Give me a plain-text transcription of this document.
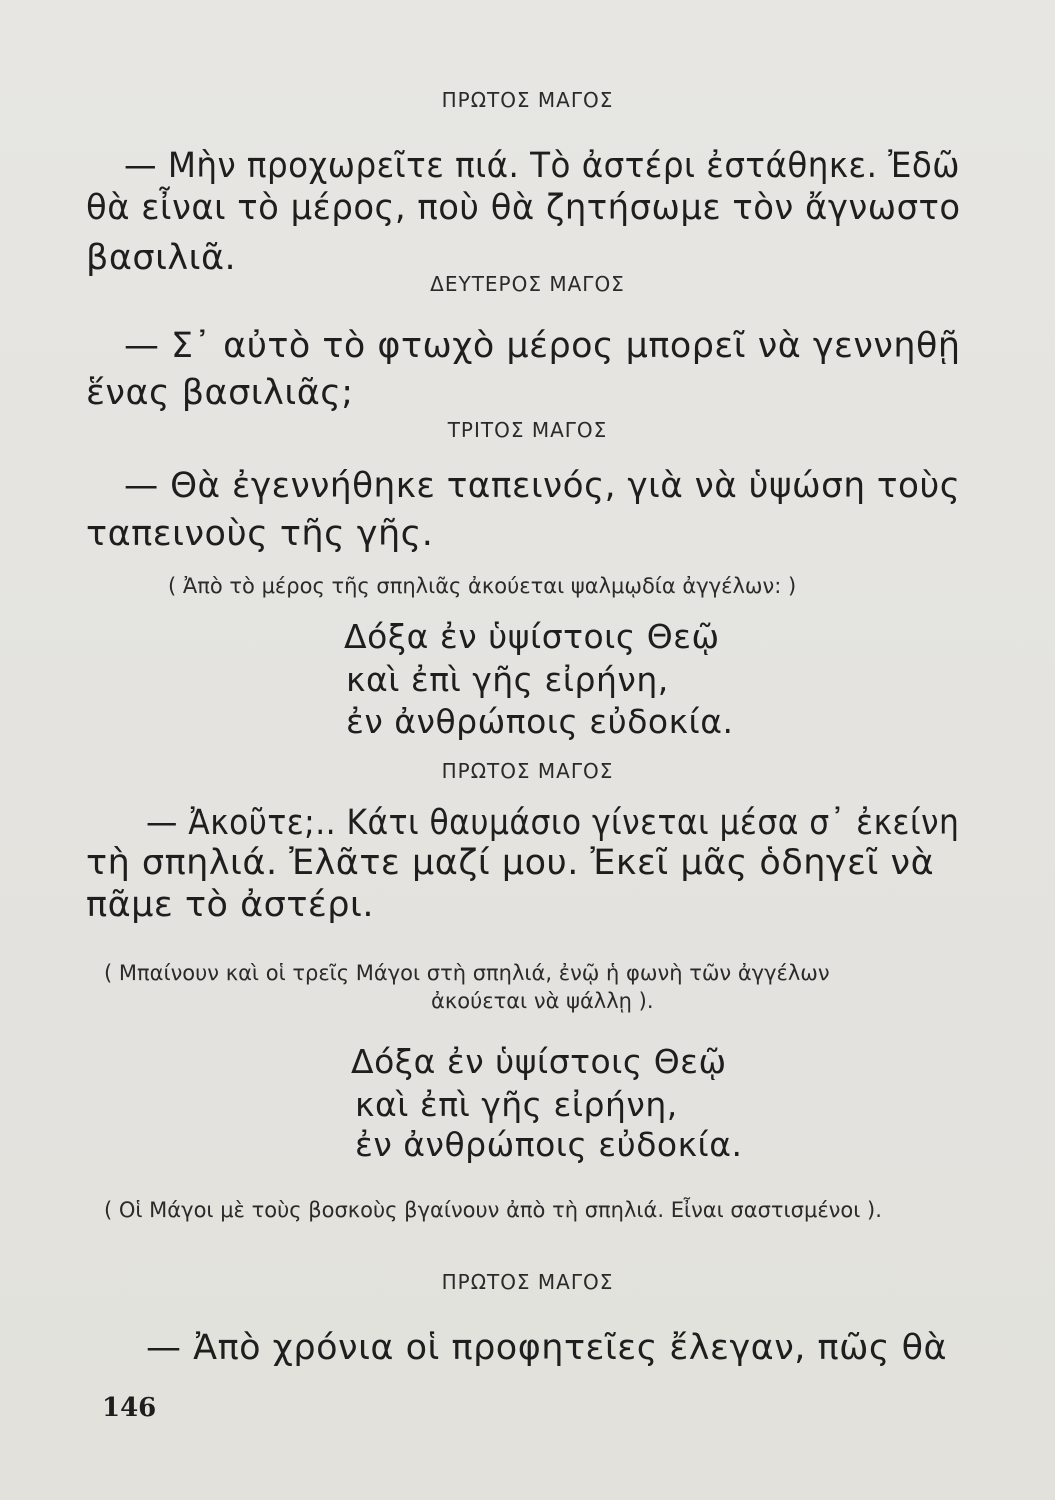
ΠΡΩΤΟΣ ΜΑΓΟΣ
— Μὴν προχωρεῖτε πιά. Τὸ ἀστέρι ἐστάθηκε. Ἐδῶ
θὰ εἶναι τὸ μέρος, ποὺ θὰ ζητήσωμε τὸν ἄγνωστο
βασιλιᾶ.
ΔΕΥΤΕΡΟΣ ΜΑΓΟΣ
— Σ᾽ αὐτὸ τὸ φτωχὸ μέρος μπορεῖ νὰ γεννηθῇ
ἕνας βασιλιᾶς;
ΤΡΙΤΟΣ ΜΑΓΟΣ
— Θὰ ἐγεννήθηκε ταπεινός, γιὰ νὰ ὑψώση τοὺς
ταπεινοὺς τῆς γῆς.
( Ἀπὸ τὸ μέρος τῆς σπηλιᾶς ἀκούεται ψαλμῳδία ἀγγέλων: )
Δόξα ἐν ὑψίστοις Θεῷ
καὶ ἐπὶ γῆς εἰρήνη,
ἐν ἀνθρώποις εὐδοκία.
ΠΡΩΤΟΣ ΜΑΓΟΣ
— Ἀκοῦτε;.. Κάτι θαυμάσιο γίνεται μέσα σ᾽ ἐκείνη
τὴ σπηλιά. Ἐλᾶτε μαζί μου. Ἐκεῖ μᾶς ὁδηγεῖ νὰ
πᾶμε τὸ ἀστέρι.
( Μπαίνουν καὶ οἱ τρεῖς Μάγοι στὴ σπηλιά, ἐνῷ ἡ φωνὴ τῶν ἀγγέλων
ἀκούεται νὰ ψάλλῃ ).
Δόξα ἐν ὑψίστοις Θεῷ
καὶ ἐπὶ γῆς εἰρήνη,
ἐν ἀνθρώποις εὐδοκία.
( Οἱ Μάγοι μὲ τοὺς βοσκοὺς βγαίνουν ἀπὸ τὴ σπηλιά. Εἶναι σαστισμένοι ).
ΠΡΩΤΟΣ ΜΑΓΟΣ
— Ἀπὸ χρόνια οἱ προφητεῖες ἔλεγαν, πῶς θὰ
146
